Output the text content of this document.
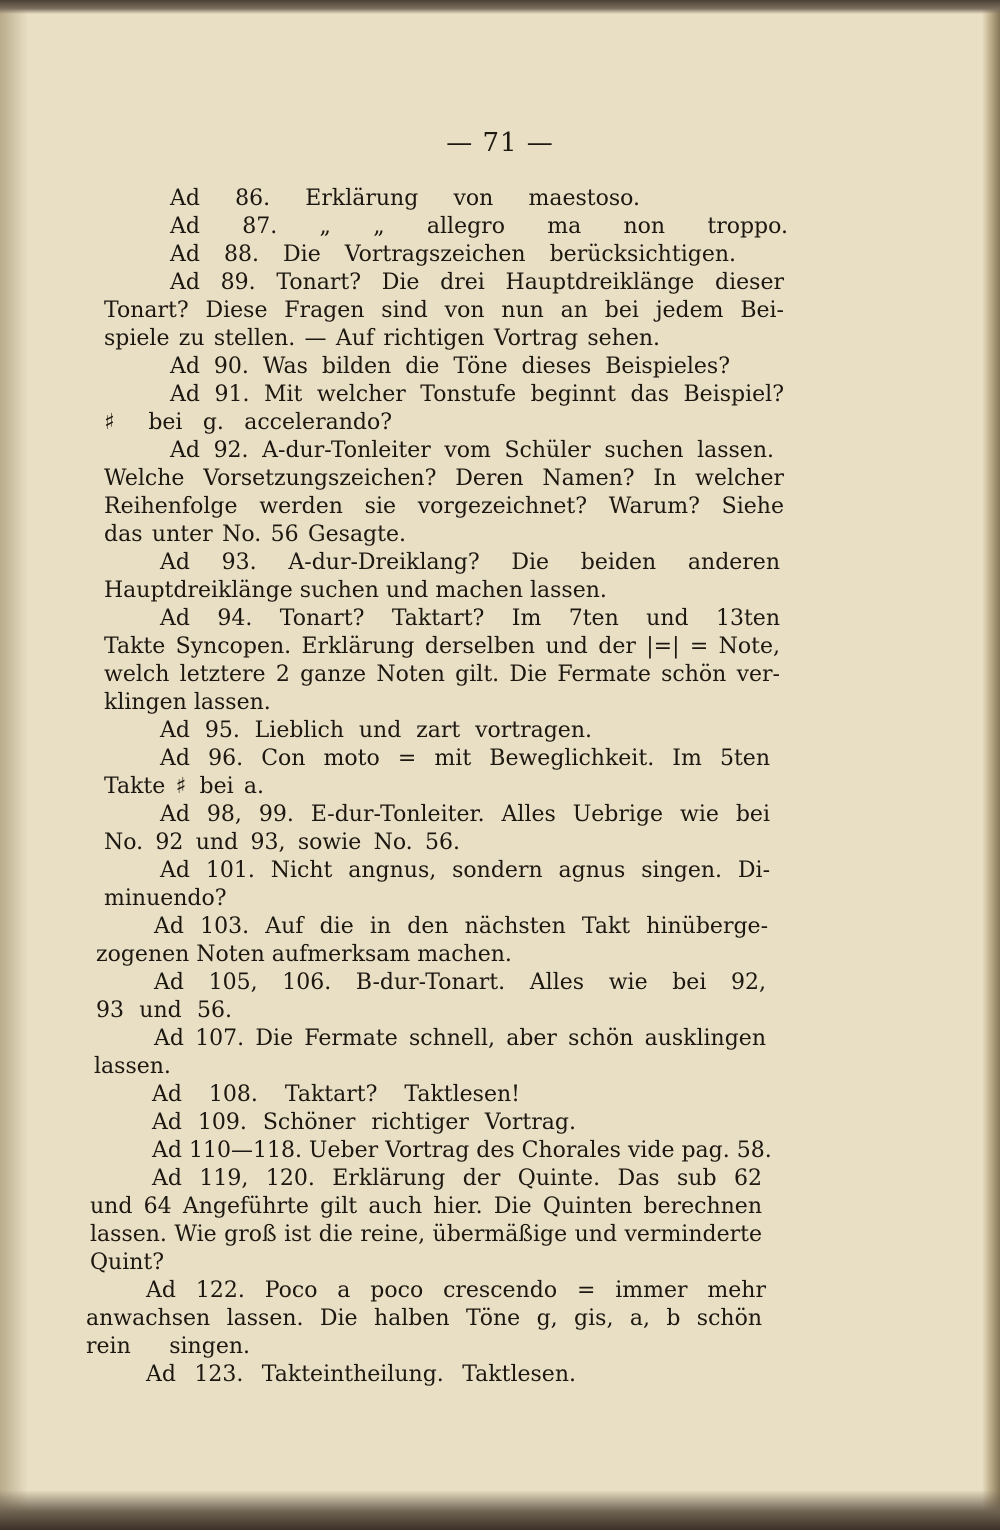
— 71 —
Ad 86. Erklärung von maestoso.
Ad 87. „ „ allegro ma non troppo.
Ad 88. Die Vortragszeichen berücksichtigen.
Ad 89. Tonart? Die drei Hauptdreiklänge dieser
Tonart? Diese Fragen sind von nun an bei jedem Bei-
spiele zu stellen. — Auf richtigen Vortrag sehen.
Ad 90. Was bilden die Töne dieses Beispieles?
Ad 91. Mit welcher Tonstufe beginnt das Beispiel?
♯ bei g. accelerando?
Ad 92. A-dur-Tonleiter vom Schüler suchen lassen.
Welche Vorsetzungszeichen? Deren Namen? In welcher
Reihenfolge werden sie vorgezeichnet? Warum? Siehe
das unter No. 56 Gesagte.
Ad 93. A-dur-Dreiklang? Die beiden anderen
Hauptdreiklänge suchen und machen lassen.
Ad 94. Tonart? Taktart? Im 7ten und 13ten
Takte Syncopen. Erklärung derselben und der |=| = Note,
welch letztere 2 ganze Noten gilt. Die Fermate schön ver-
klingen lassen.
Ad 95. Lieblich und zart vortragen.
Ad 96. Con moto = mit Beweglichkeit. Im 5ten
Takte ♯ bei a.
Ad 98, 99. E-dur-Tonleiter. Alles Uebrige wie bei
No. 92 und 93, sowie No. 56.
Ad 101. Nicht angnus, sondern agnus singen. Di-
minuendo?
Ad 103. Auf die in den nächsten Takt hinüberge-
zogenen Noten aufmerksam machen.
Ad 105, 106. B-dur-Tonart. Alles wie bei 92,
93 und 56.
Ad 107. Die Fermate schnell, aber schön ausklingen
lassen.
Ad 108. Taktart? Taktlesen!
Ad 109. Schöner richtiger Vortrag.
Ad 110—118. Ueber Vortrag des Chorales vide pag. 58.
Ad 119, 120. Erklärung der Quinte. Das sub 62
und 64 Angeführte gilt auch hier. Die Quinten berechnen
lassen. Wie groß ist die reine, übermäßige und verminderte
Quint?
Ad 122. Poco a poco crescendo = immer mehr
anwachsen lassen. Die halben Töne g, gis, a, b schön
rein singen.
Ad 123. Takteintheilung. Taktlesen.
